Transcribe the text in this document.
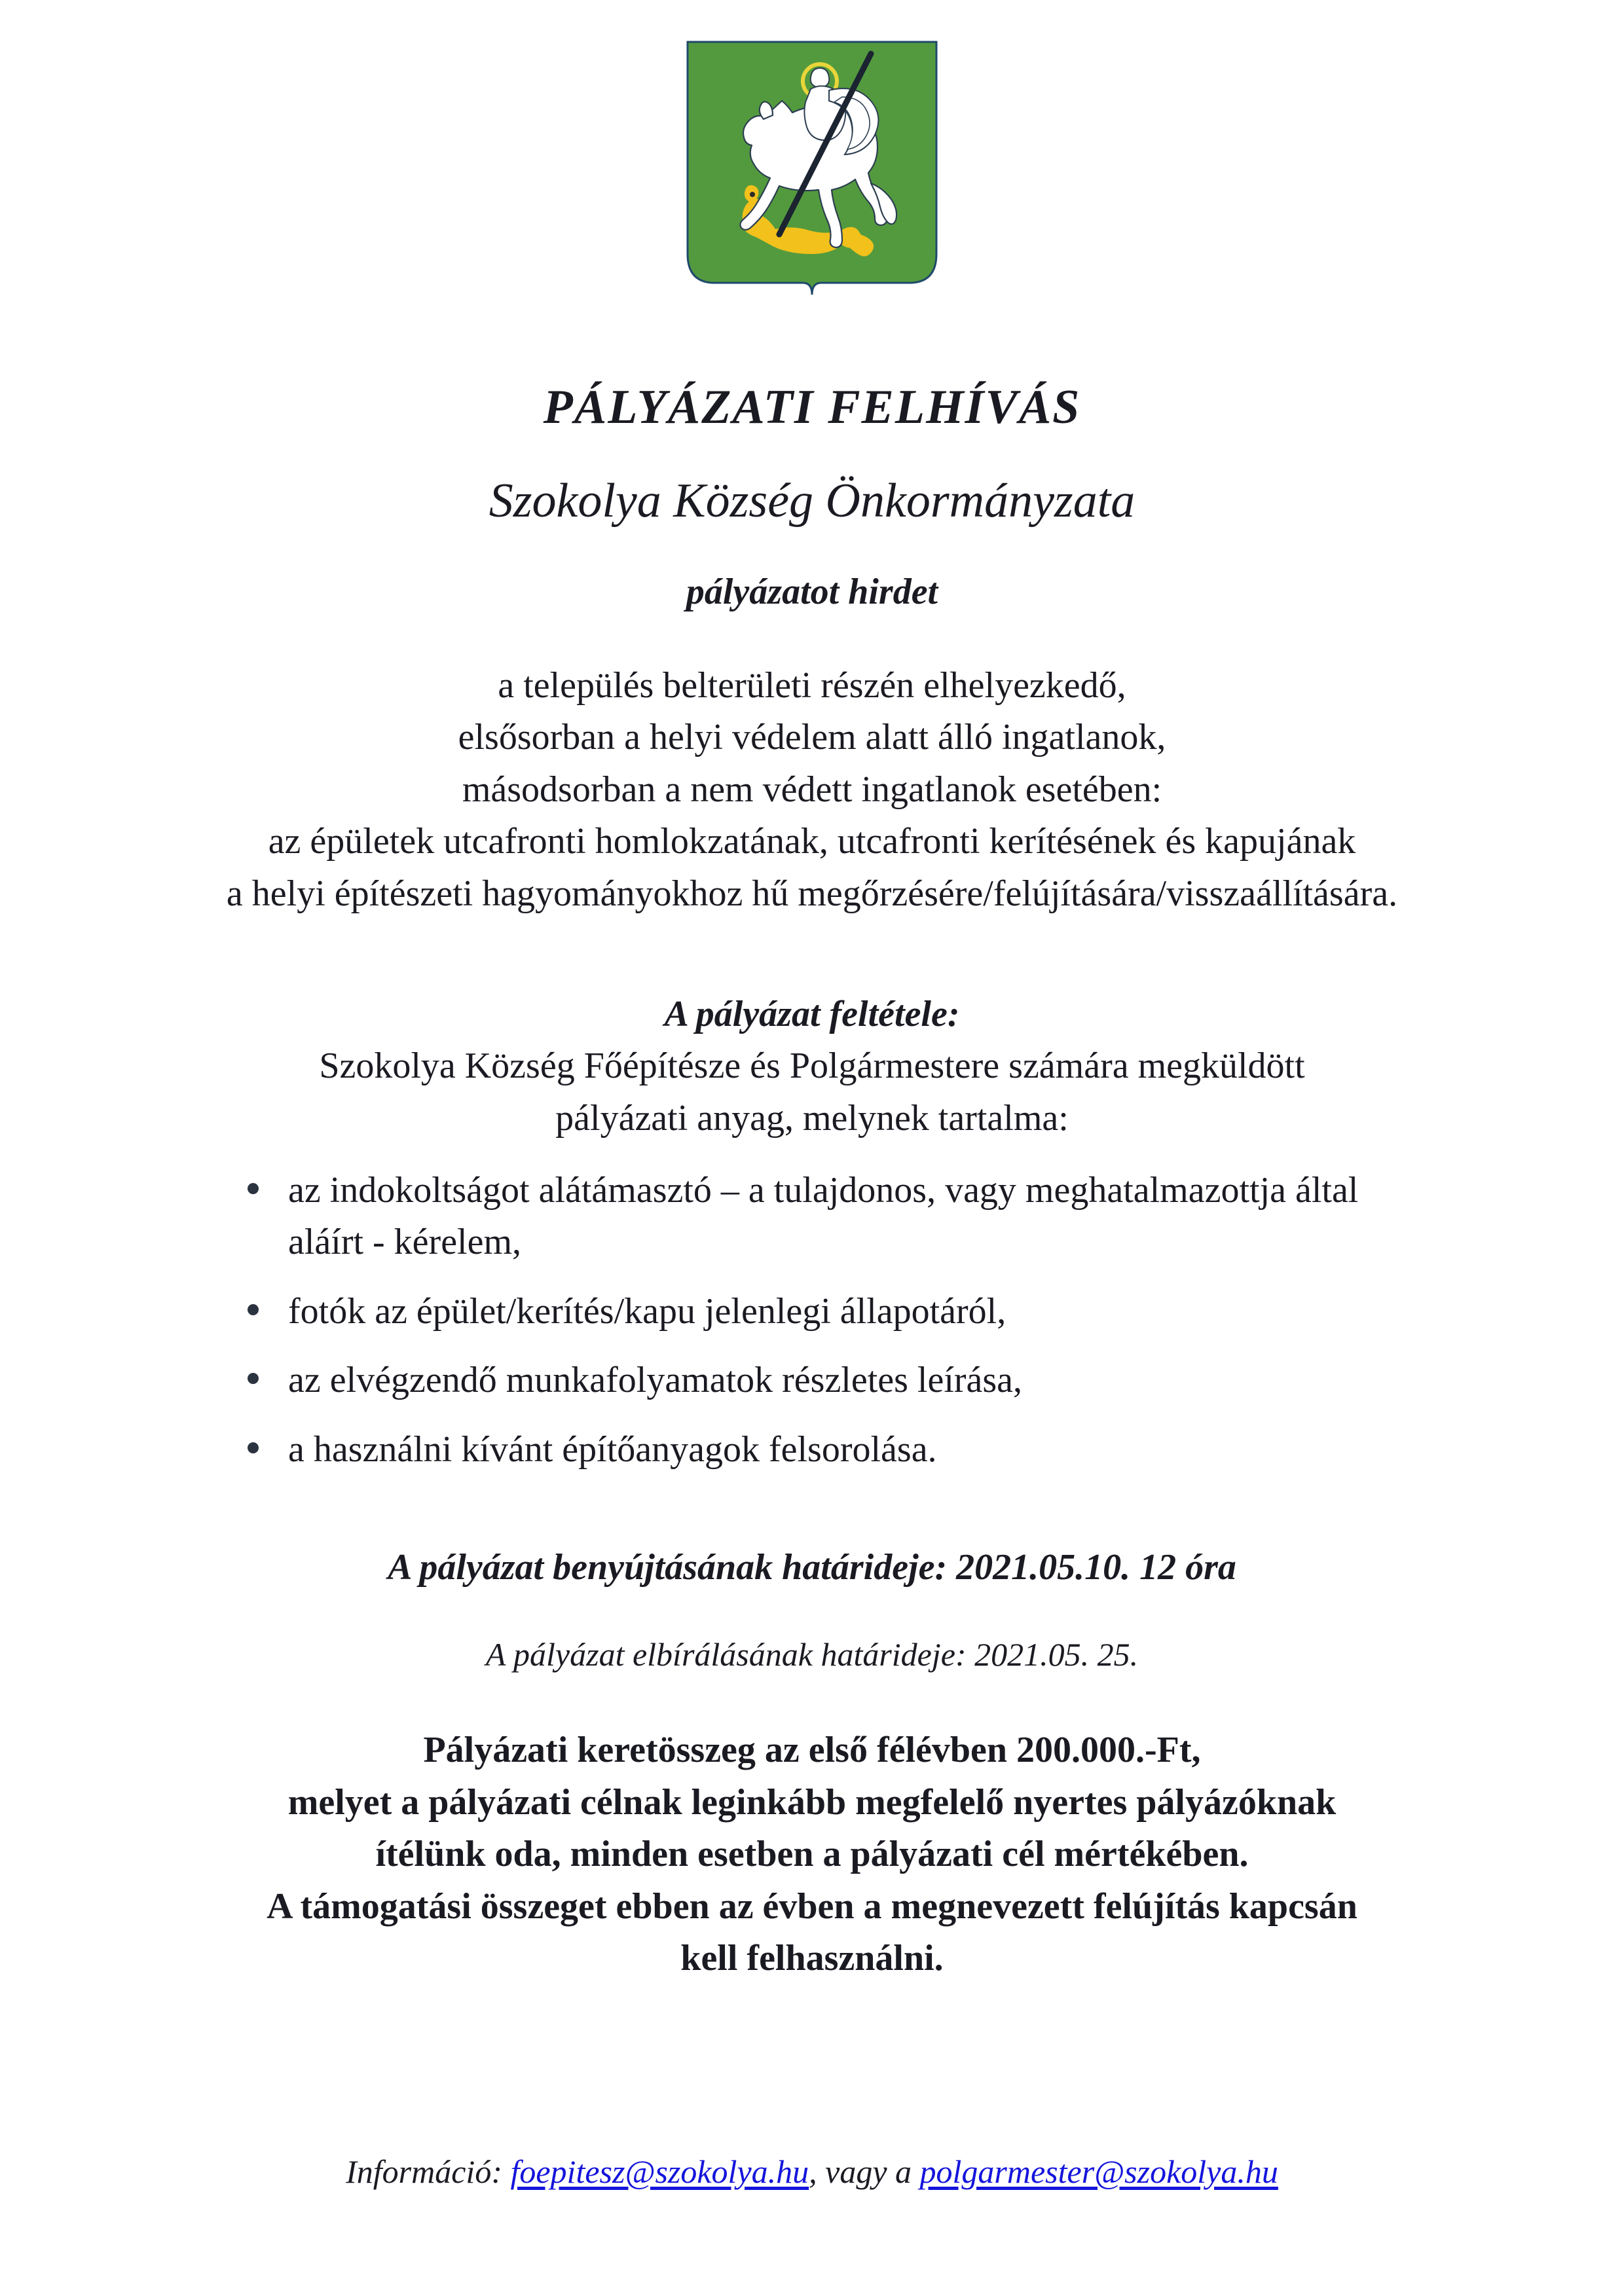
PÁLYÁZATI FELHÍVÁS
Szokolya Község Önkormányzata

pályázatot hirdet

a település belterületi részén elhelyezkedő,
elsősorban a helyi védelem alatt álló ingatlanok,
másodsorban a nem védett ingatlanok esetében:
az épületek utcafronti homlokzatának, utcafronti kerítésének és kapujának
a helyi építészeti hagyományokhoz hű megőrzésére/felújítására/visszaállítására.

A pályázat feltétele:

Szokolya Község Főépítésze és Polgármestere számára megküldött
pályázati anyag, melynek tartalma:
az indokoltságot alátámasztó – a tulajdonos, vagy meghatalmazottja által aláírt - kérelem,
fotók az épület/kerítés/kapu jelenlegi állapotáról,
az elvégzendő munkafolyamatok részletes leírása,
a használni kívánt építőanyagok felsorolása.

A pályázat benyújtásának határideje: 2021.05.10. 12 óra

A pályázat elbírálásának határideje: 2021.05. 25.

Pályázati keretösszeg az első félévben 200.000.-Ft,
melyet a pályázati célnak leginkább megfelelő nyertes pályázóknak
ítélünk oda, minden esetben a pályázati cél mértékében.
A támogatási összeget ebben az évben a megnevezett felújítás kapcsán
kell felhasználni.

Információ: foepitesz@szokolya.hu, vagy a polgarmester@szokolya.hu
